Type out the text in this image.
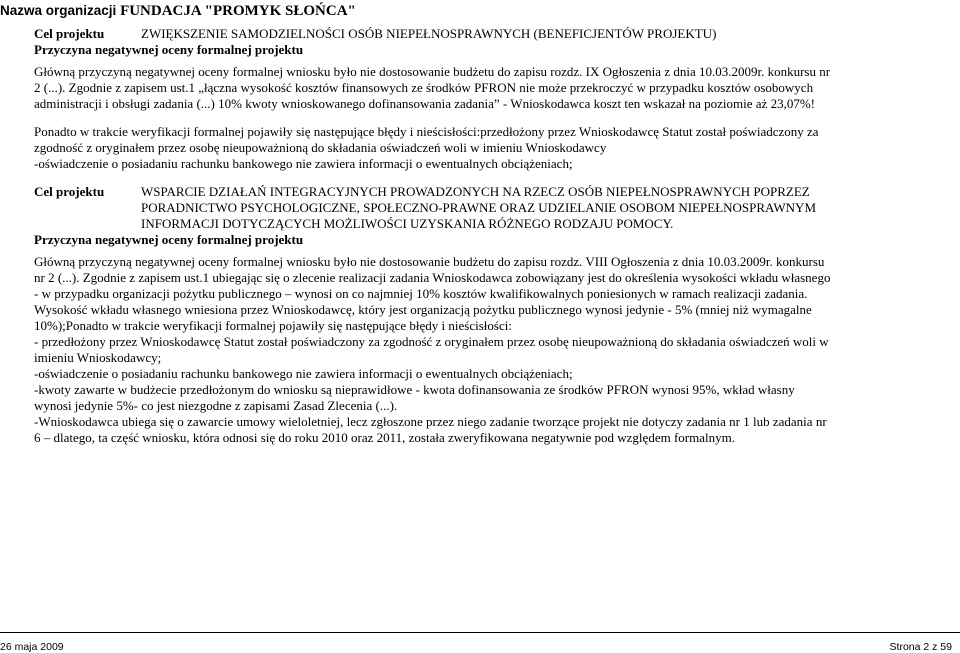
Nazwa organizacji FUNDACJA "PROMYK SŁOŃCA"
Cel projektu	ZWIĘKSZENIE SAMODZIELNOŚCI OSÓB NIEPEŁNOSPRAWNYCH (BENEFICJENTÓW PROJEKTU)
Przyczyna negatywnej oceny formalnej projektu

Główną przyczyną negatywnej oceny formalnej wniosku było nie dostosowanie budżetu do zapisu rozdz. IX Ogłoszenia z dnia 10.03.2009r. konkursu nr 2 (...). Zgodnie z zapisem ust.1 „łączna wysokość kosztów finansowych ze środków PFRON nie może przekroczyć w przypadku kosztów osobowych administracji i obsługi zadania (...) 10% kwoty wnioskowanego dofinansowania zadania” - Wnioskodawca koszt ten wskazał na poziomie aż 23,07%!

Ponadto w trakcie weryfikacji formalnej pojawiły się następujące błędy i nieścisłości:przedłożony przez Wnioskodawcę Statut został poświadczony za zgodność z oryginałem przez osobę nieupoważnioną do składania oświadczeń woli w imieniu Wnioskodawcy

-oświadczenie o posiadaniu rachunku bankowego nie zawiera informacji o ewentualnych obciążeniach;

Cel projektu	WSPARCIE DZIAŁAŃ INTEGRACYJNYCH PROWADZONYCH NA RZECZ OSÓB NIEPEŁNOSPRAWNYCH POPRZEZ PORADNICTWO PSYCHOLOGICZNE, SPOŁECZNO-PRAWNE ORAZ UDZIELANIE OSOBOM NIEPEŁNOSPRAWNYM INFORMACJI DOTYCZĄCYCH MOŻLIWOŚCI UZYSKANIA RÓŻNEGO RODZAJU POMOCY.
Przyczyna negatywnej oceny formalnej projektu

Główną przyczyną negatywnej oceny formalnej wniosku było nie dostosowanie budżetu do zapisu rozdz. VIII Ogłoszenia z dnia 10.03.2009r. konkursu nr 2 (...). Zgodnie z zapisem ust.1 ubiegając się o zlecenie realizacji zadania Wnioskodawca zobowiązany jest do określenia wysokości wkładu własnego - w przypadku organizacji pożytku publicznego – wynosi on co najmniej 10% kosztów kwalifikowalnych poniesionych w ramach realizacji zadania. Wysokość wkładu własnego wniesiona przez Wnioskodawcę, który jest organizacją pożytku publicznego wynosi jedynie - 5% (mniej niż wymagalne 10%);Ponadto w trakcie weryfikacji formalnej pojawiły się następujące błędy i nieścisłości:

- przedłożony przez Wnioskodawcę Statut został poświadczony za zgodność z oryginałem przez osobę nieupoważnioną do składania oświadczeń woli w imieniu Wnioskodawcy;

-oświadczenie o posiadaniu rachunku bankowego nie zawiera informacji o ewentualnych obciążeniach;

-kwoty zawarte w budżecie przedłożonym do wniosku są nieprawidłowe - kwota dofinansowania ze środków PFRON wynosi 95%, wkład własny wynosi jedynie 5%- co jest niezgodne z zapisami Zasad Zlecenia (...).

-Wnioskodawca ubiega się o zawarcie umowy wieloletniej, lecz zgłoszone przez niego zadanie tworzące projekt nie dotyczy zadania nr 1 lub zadania nr 6 – dlatego, ta część wniosku, która odnosi się do roku 2010 oraz 2011, została zweryfikowana negatywnie pod względem formalnym.

26 maja 2009	Strona 2 z 59
